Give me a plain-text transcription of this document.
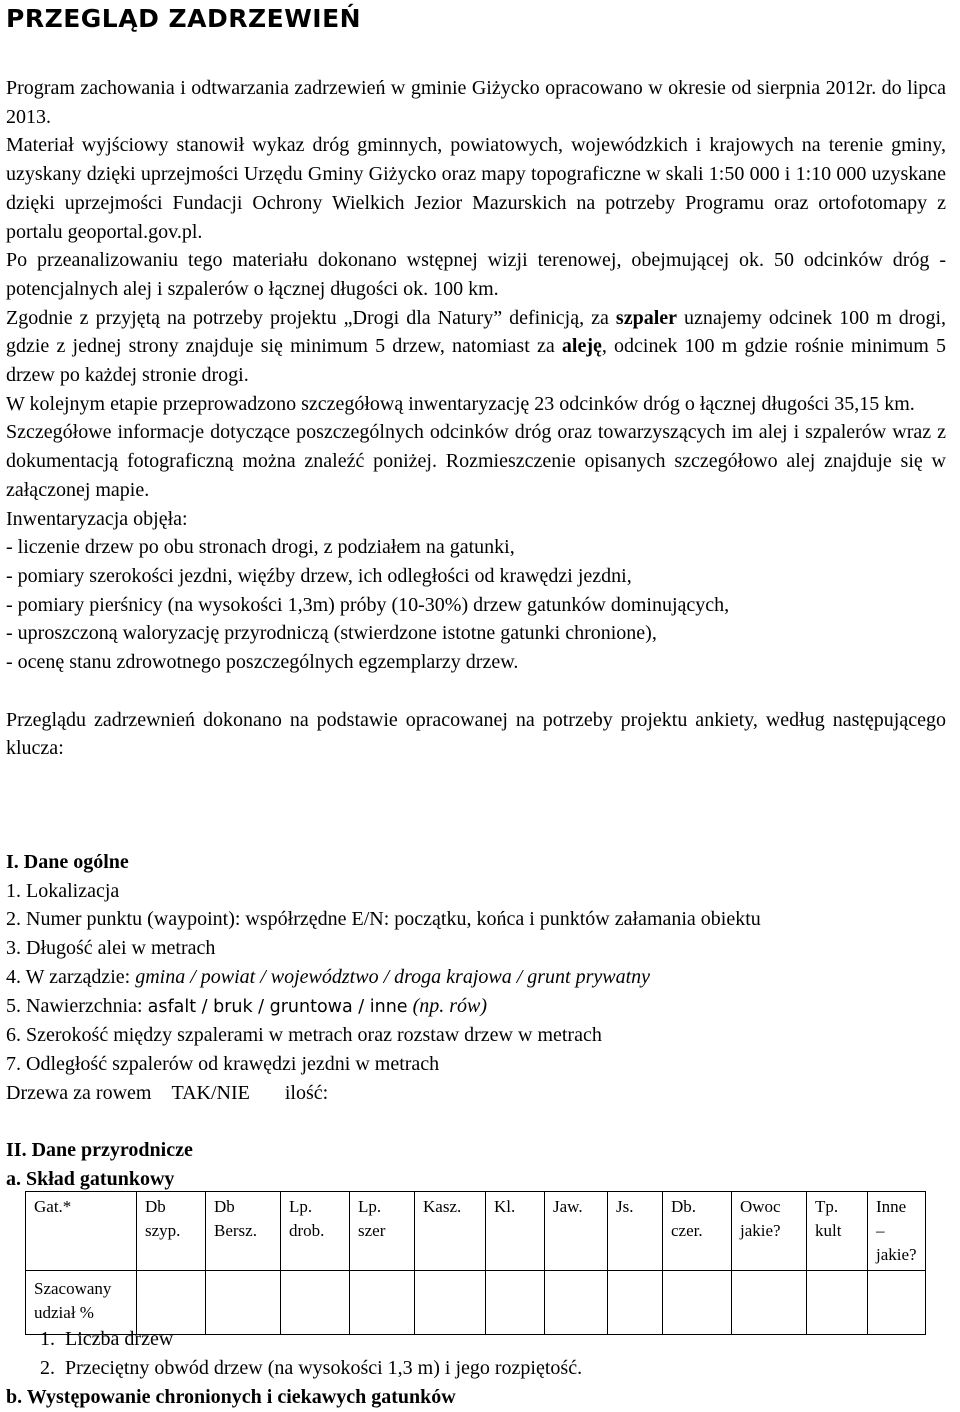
PRZEGLĄD ZADRZEWIEŃ

Program zachowania i odtwarzania zadrzewień w gminie Giżycko opracowano w okresie od sierpnia 2012r. do lipca 2013.

Materiał wyjściowy stanowił wykaz dróg gminnych, powiatowych, wojewódzkich i krajowych na terenie gminy, uzyskany dzięki uprzejmości Urzędu Gminy Giżycko oraz mapy topograficzne w skali 1:50 000 i 1:10 000 uzyskane dzięki uprzejmości Fundacji Ochrony Wielkich Jezior Mazurskich na potrzeby Programu oraz ortofotomapy z portalu geoportal.gov.pl.

Po przeanalizowaniu tego materiału dokonano wstępnej wizji terenowej, obejmującej ok. 50 odcinków dróg - potencjalnych alej i szpalerów o łącznej długości ok. 100 km.

Zgodnie z przyjętą na potrzeby projektu „Drogi dla Natury” definicją, za szpaler uznajemy odcinek 100 m drogi, gdzie z jednej strony znajduje się minimum 5 drzew, natomiast za aleję, odcinek 100 m gdzie rośnie minimum 5 drzew po każdej stronie drogi.

W kolejnym etapie przeprowadzono szczegółową inwentaryzację 23 odcinków dróg o łącznej długości 35,15 km.

Szczegółowe informacje dotyczące poszczególnych odcinków dróg oraz towarzyszących im alej i szpalerów wraz z dokumentacją fotograficzną można znaleźć poniżej. Rozmieszczenie opisanych szczegółowo alej znajduje się w załączonej mapie.

Inwentaryzacja objęła:

- liczenie drzew po obu stronach drogi, z podziałem na gatunki,

- pomiary szerokości jezdni, więźby drzew, ich odległości od krawędzi jezdni,

- pomiary pierśnicy (na wysokości 1,3m) próby (10-30%) drzew gatunków dominujących,

- uproszczoną waloryzację przyrodniczą (stwierdzone istotne gatunki chronione),

- ocenę stanu zdrowotnego poszczególnych egzemplarzy drzew.

Przeglądu zadrzewnień dokonano na podstawie opracowanej na potrzeby projektu ankiety, według następującego klucza:

I. Dane ogólne
1. Lokalizacja
2. Numer punktu (waypoint): współrzędne E/N: początku, końca i punktów załamania obiektu
3. Długość alei w metrach
4. W zarządzie: gmina / powiat / województwo / droga krajowa / grunt prywatny
5. Nawierzchnia: asfalt / bruk / gruntowa / inne (np. rów)
6. Szerokość między szpalerami w metrach oraz rozstaw drzew w metrach
7. Odległość szpalerów od krawędzi jezdni w metrach
Drzewa za rowem TAK/NIE ilość:
II. Dane przyrodnicze
a. Skład gatunkowy
Gat.*	Db szyp.	Db Bersz.	Lp. drob.	Lp. szer	Kasz.	Kl.	Jaw.	Js.	Db. czer.	Owoc jakie?	Tp. kult	Inne – jakie?
Szacowany udział %												
1.  Liczba drzew
2.  Przeciętny obwód drzew (na wysokości 1,3 m) i jego rozpiętość.
b. Występowanie chronionych i ciekawych gatunków
